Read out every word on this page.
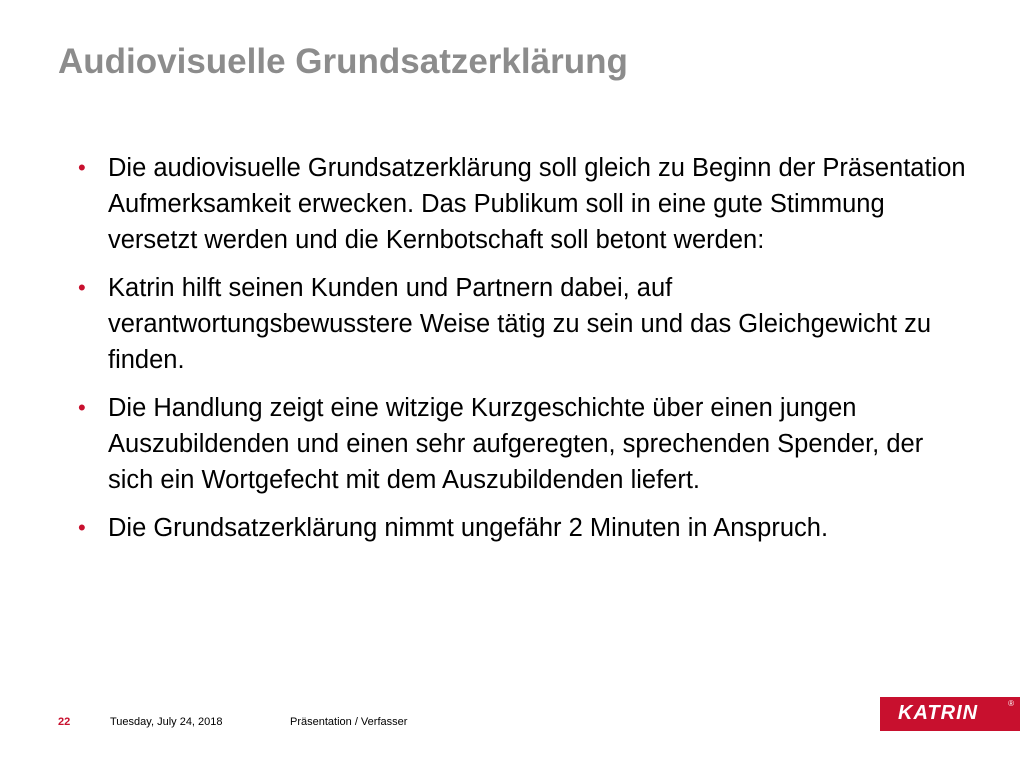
Audiovisuelle Grundsatzerklärung
• Die audiovisuelle Grundsatzerklärung soll gleich zu Beginn der Präsentation Aufmerksamkeit erwecken. Das Publikum soll in eine gute Stimmung versetzt werden und die Kernbotschaft soll betont werden:
• Katrin hilft seinen Kunden und Partnern dabei, auf verantwortungsbewusstere Weise tätig zu sein und das Gleichgewicht zu finden.
• Die Handlung zeigt eine witzige Kurzgeschichte über einen jungen Auszubildenden und einen sehr aufgeregten, sprechenden Spender, der sich ein Wortgefecht mit dem Auszubildenden liefert.
• Die Grundsatzerklärung nimmt ungefähr 2 Minuten in Anspruch.
22	Tuesday, July 24, 2018	Präsentation / Verfasser	KATRIN	®
